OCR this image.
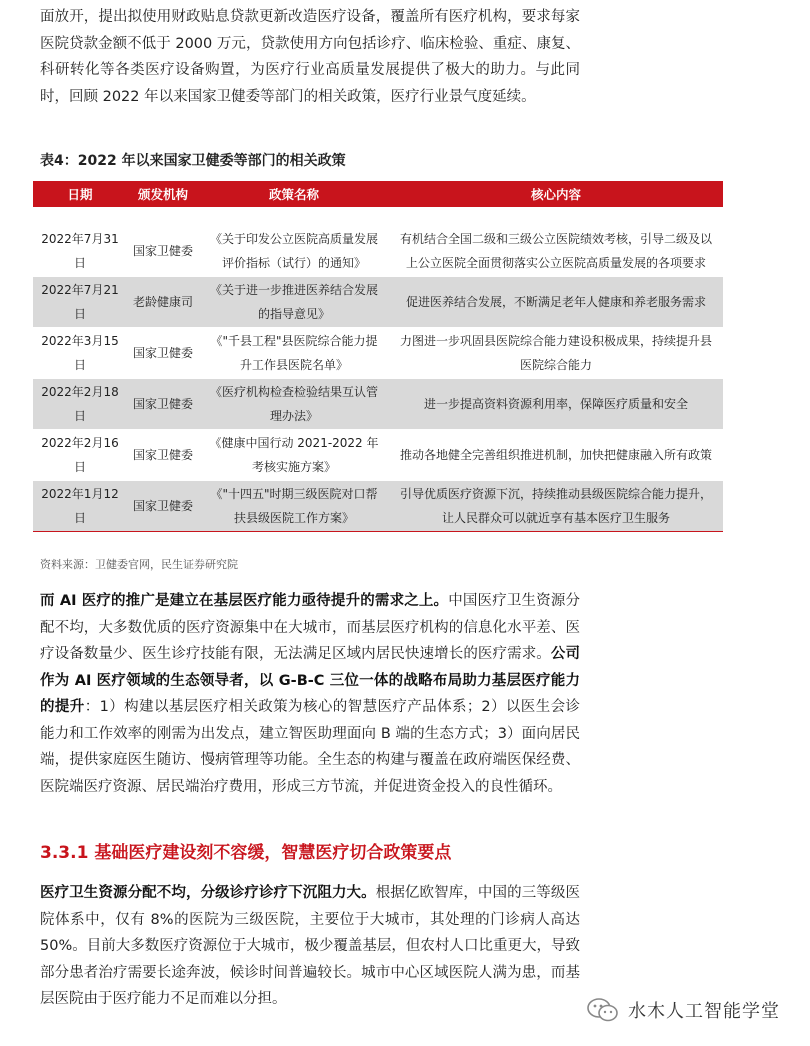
面放开，提出拟使用财政贴息贷款更新改造医疗设备，覆盖所有医疗机构，要求每家医院贷款金额不低于 2000 万元，贷款使用方向包括诊疗、临床检验、重症、康复、科研转化等各类医疗设备购置，为医疗行业高质量发展提供了极大的助力。与此同时，回顾 2022 年以来国家卫健委等部门的相关政策，医疗行业景气度延续。
表4：2022 年以来国家卫健委等部门的相关政策
日期	颁发机构	政策名称	核心内容

2022年7月31日	国家卫健委	《关于印发公立医院高质量发展评价指标（试行）的通知》	有机结合全国二级和三级公立医院绩效考核，引导二级及以上公立医院全面贯彻落实公立医院高质量发展的各项要求
2022年7月21日	老龄健康司	《关于进一步推进医养结合发展的指导意见》	促进医养结合发展，不断满足老年人健康和养老服务需求
2022年3月15日	国家卫健委	《"千县工程"县医院综合能力提升工作县医院名单》	力图进一步巩固县医院综合能力建设积极成果，持续提升县医院综合能力
2022年2月18日	国家卫健委	《医疗机构检查检验结果互认管理办法》	进一步提高资料资源利用率，保障医疗质量和安全
2022年2月16日	国家卫健委	《健康中国行动 2021-2022 年考核实施方案》	推动各地健全完善组织推进机制，加快把健康融入所有政策
2022年1月12日	国家卫健委	《"十四五"时期三级医院对口帮扶县级医院工作方案》	引导优质医疗资源下沉，持续推动县级医院综合能力提升，让人民群众可以就近享有基本医疗卫生服务
资料来源：卫健委官网，民生证券研究院
而 AI 医疗的推广是建立在基层医疗能力亟待提升的需求之上。中国医疗卫生资源分配不均，大多数优质的医疗资源集中在大城市，而基层医疗机构的信息化水平差、医疗设备数量少、医生诊疗技能有限，无法满足区域内居民快速增长的医疗需求。公司作为 AI 医疗领域的生态领导者，以 G-B-C 三位一体的战略布局助力基层医疗能力的提升：1）构建以基层医疗相关政策为核心的智慧医疗产品体系；2）以医生会诊能力和工作效率的刚需为出发点，建立智医助理面向 B 端的生态方式；3）面向居民端，提供家庭医生随访、慢病管理等功能。全生态的构建与覆盖在政府端医保经费、医院端医疗资源、居民端治疗费用，形成三方节流，并促进资金投入的良性循环。
3.3.1 基础医疗建设刻不容缓，智慧医疗切合政策要点
医疗卫生资源分配不均，分级诊疗诊疗下沉阻力大。根据亿欧智库，中国的三等级医院体系中，仅有 8%的医院为三级医院，主要位于大城市，其处理的门诊病人高达 50%。目前大多数医疗资源位于大城市，极少覆盖基层，但农村人口比重更大，导致部分患者治疗需要长途奔波，候诊时间普遍较长。城市中心区域医院人满为患，而基层医院由于医疗能力不足而难以分担。
水木人工智能学堂
